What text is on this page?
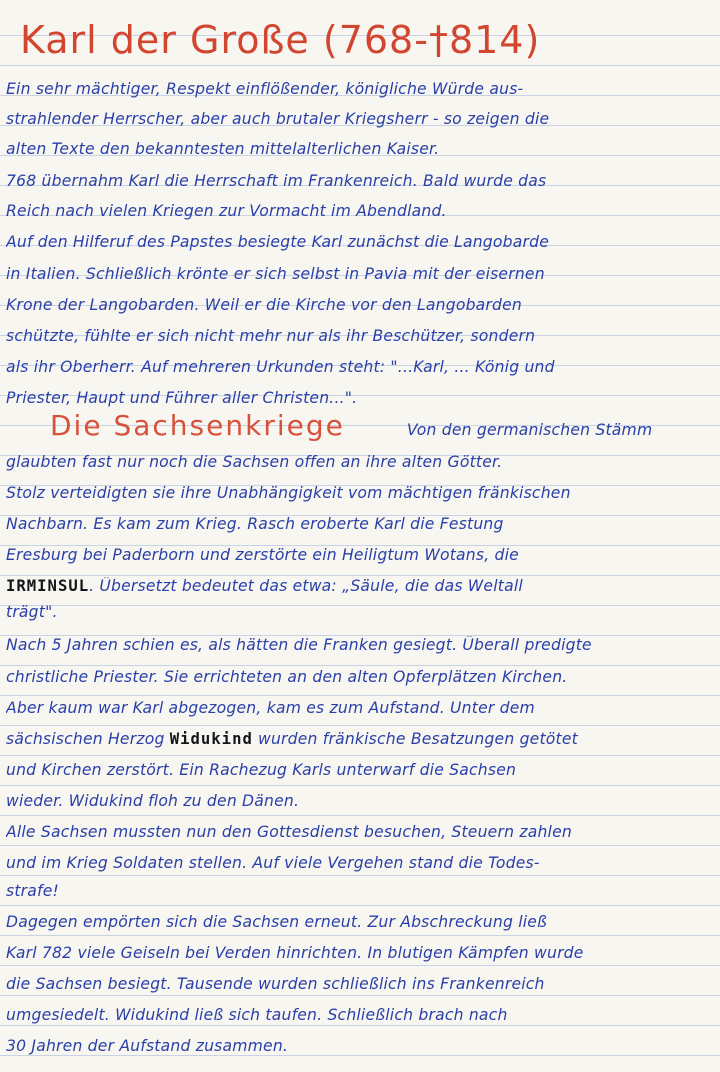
Karl der Große (768-†814)
Ein sehr mächtiger, Respekt einflößender, königliche Würde aus-
strahlender Herrscher, aber auch brutaler Kriegsherr - so zeigen die
alten Texte den bekanntesten mittelalterlichen Kaiser.
768 übernahm Karl die Herrschaft im Frankenreich. Bald wurde das
Reich nach vielen Kriegen zur Vormacht im Abendland.
Auf den Hilferuf des Papstes besiegte Karl zunächst die Langobarde
in Italien. Schließlich krönte er sich selbst in Pavia mit der eisernen
Krone der Langobarden. Weil er die Kirche vor den Langobarden
schützte, fühlte er sich nicht mehr nur als ihr Beschützer, sondern
als ihr Oberherr. Auf mehreren Urkunden steht: "...Karl, ... König und
Priester, Haupt und Führer aller Christen...".
Die Sachsenkriege	Von den germanischen Stämm
glaubten fast nur noch die Sachsen offen an ihre alten Götter.
Stolz verteidigten sie ihre Unabhängigkeit vom mächtigen fränkischen
Nachbarn. Es kam zum Krieg. Rasch eroberte Karl die Festung
Eresburg bei Paderborn und zerstörte ein Heiligtum Wotans, die
IRMINSUL. Übersetzt bedeutet das etwa: „Säule, die das Weltall
trägt".
Nach 5 Jahren schien es, als hätten die Franken gesiegt. Überall predigte
christliche Priester. Sie errichteten an den alten Opferplätzen Kirchen.
Aber kaum war Karl abgezogen, kam es zum Aufstand. Unter dem
sächsischen Herzog Widukind wurden fränkische Besatzungen getötet
und Kirchen zerstört. Ein Rachezug Karls unterwarf die Sachsen
wieder. Widukind floh zu den Dänen.
Alle Sachsen mussten nun den Gottesdienst besuchen, Steuern zahlen
und im Krieg Soldaten stellen. Auf viele Vergehen stand die Todes-
strafe!
Dagegen empörten sich die Sachsen erneut. Zur Abschreckung ließ
Karl 782 viele Geiseln bei Verden hinrichten. In blutigen Kämpfen wurde
die Sachsen besiegt. Tausende wurden schließlich ins Frankenreich
umgesiedelt. Widukind ließ sich taufen. Schließlich brach nach
30 Jahren der Aufstand zusammen.
